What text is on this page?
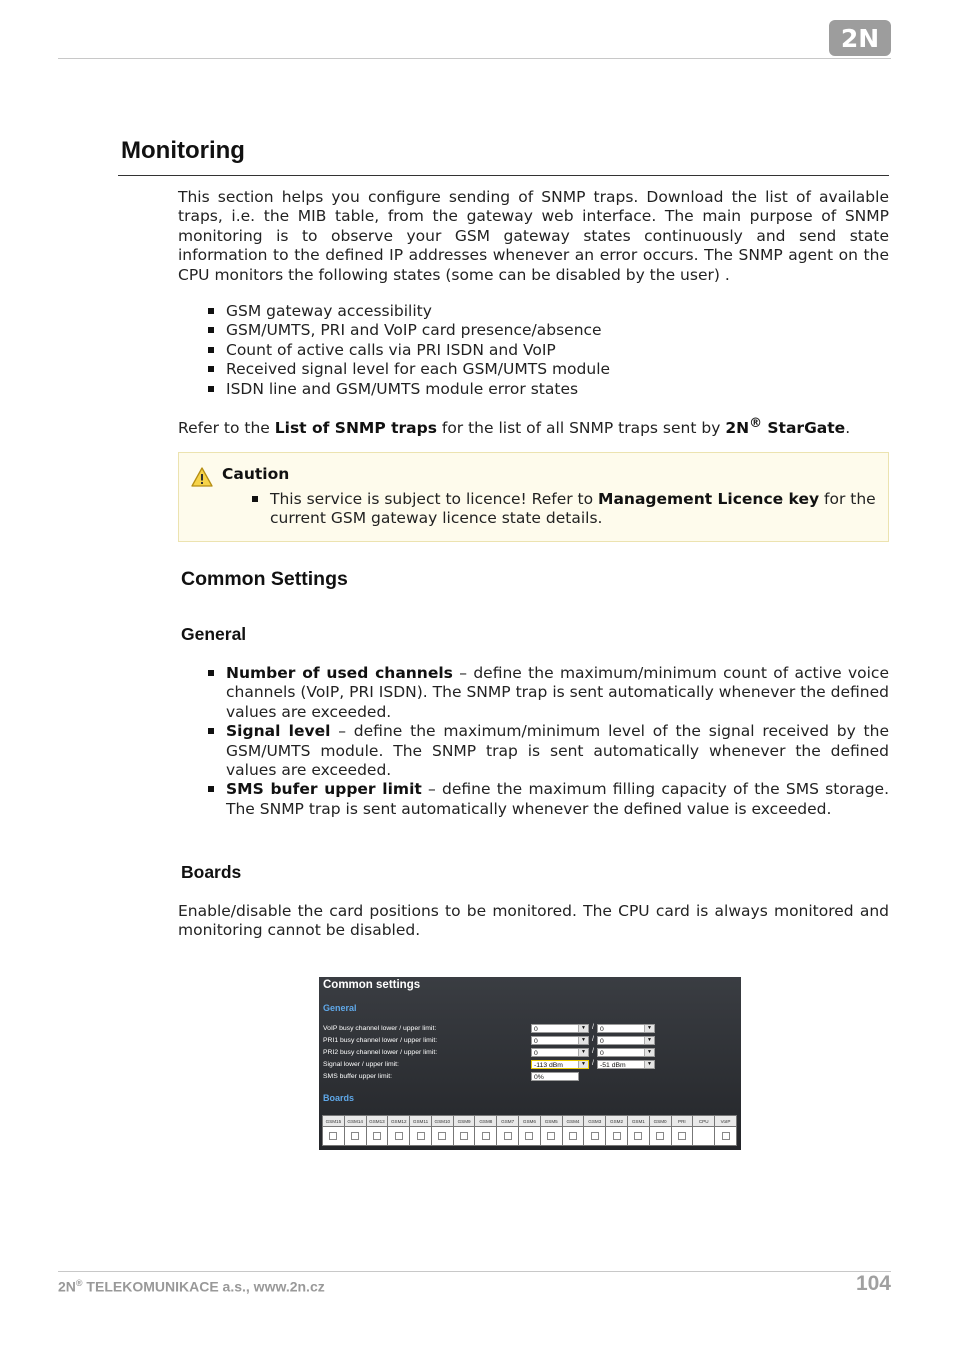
2N
Monitoring

This section helps you configure sending of SNMP traps. Download the list of available traps, i.e. the MIB table, from the gateway web interface. The main purpose of SNMP monitoring is to observe your GSM gateway states continuously and send state information to the defined IP addresses whenever an error occurs. The SNMP agent on the CPU monitors the following states (some can be disabled by the user) .

GSM gateway accessibility
GSM/UMTS, PRI and VoIP card presence/absence
Count of active calls via PRI ISDN and VoIP
Received signal level for each GSM/UMTS module
ISDN line and GSM/UMTS module error states

Refer to the List of SNMP traps for the list of all SNMP traps sent by 2N® StarGate.

Caution
This service is subject to licence! Refer to Management Licence key for the current GSM gateway licence state details.
Common Settings
General
Number of used channels – define the maximum/minimum count of active voice channels (VoIP, PRI ISDN). The SNMP trap is sent automatically whenever the defined values are exceeded.
Signal level – define the maximum/minimum level of the signal received by the GSM/UMTS module. The SNMP trap is sent automatically whenever the defined values are exceeded.
SMS bufer upper limit – define the maximum filling capacity of the SMS storage. The SNMP trap is sent automatically whenever the defined value is exceeded.
Boards

Enable/disable the card positions to be monitored. The CPU card is always monitored and monitoring cannot be disabled.

Common settings
General
VoIP busy channel lower / upper limit:	0	▼ / 0	▼
PRI1 busy channel lower / upper limit:	0	▼ / 0	▼
PRI2 busy channel lower / upper limit:	0	▼ / 0	▼
Signal lower / upper limit:	-113 dBm	▼ / -51 dBm	▼
SMS buffer upper limit:	0%
Boards
GSM15	GSM14	GSM13	GSM12	GSM11	GSM10	GSM9	GSM8	GSM7	GSM6	GSM5	GSM4	GSM3	GSM2	GSM1	GSM0	PRI	CPU	VoIP

2N® TELEKOMUNIKACE a.s., www.2n.cz	104
